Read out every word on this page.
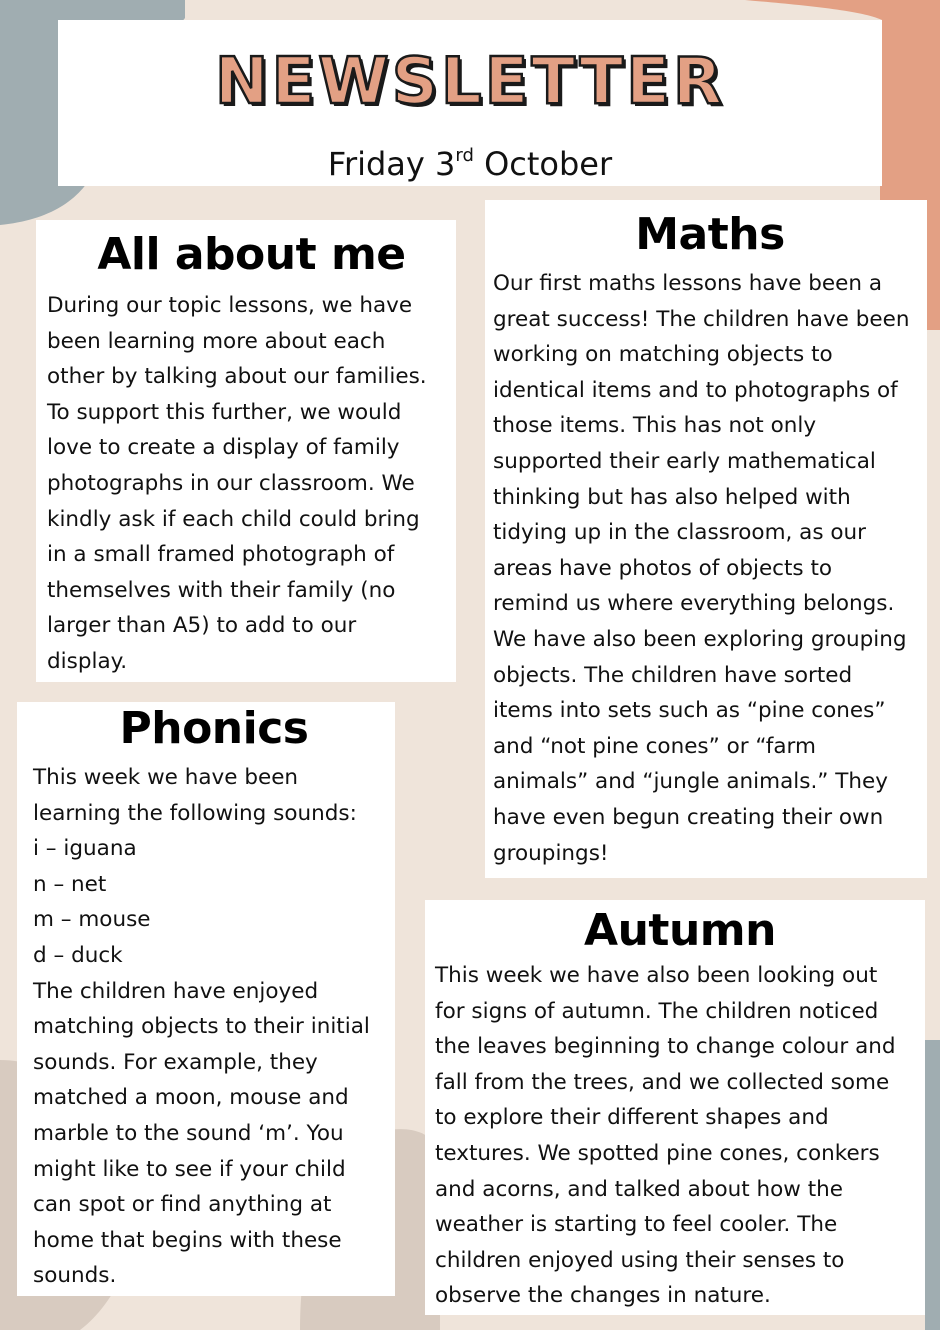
NEWSLETTER
Friday 3rd October
All about me
During our topic lessons, we have
been learning more about each
other by talking about our families.
To support this further, we would
love to create a display of family
photographs in our classroom. We
kindly ask if each child could bring
in a small framed photograph of
themselves with their family (no
larger than A5) to add to our
display.
Maths
Our first maths lessons have been a
great success! The children have been
working on matching objects to
identical items and to photographs of
those items. This has not only
supported their early mathematical
thinking but has also helped with
tidying up in the classroom, as our
areas have photos of objects to
remind us where everything belongs.
We have also been exploring grouping
objects. The children have sorted
items into sets such as “pine cones”
and “not pine cones” or “farm
animals” and “jungle animals.” They
have even begun creating their own
groupings!
Phonics
This week we have been
learning the following sounds:
i – iguana
n – net
m – mouse
d – duck
The children have enjoyed
matching objects to their initial
sounds. For example, they
matched a moon, mouse and
marble to the sound ‘m’. You
might like to see if your child
can spot or find anything at
home that begins with these
sounds.
Autumn
This week we have also been looking out
for signs of autumn. The children noticed
the leaves beginning to change colour and
fall from the trees, and we collected some
to explore their different shapes and
textures. We spotted pine cones, conkers
and acorns, and talked about how the
weather is starting to feel cooler. The
children enjoyed using their senses to
observe the changes in nature.
